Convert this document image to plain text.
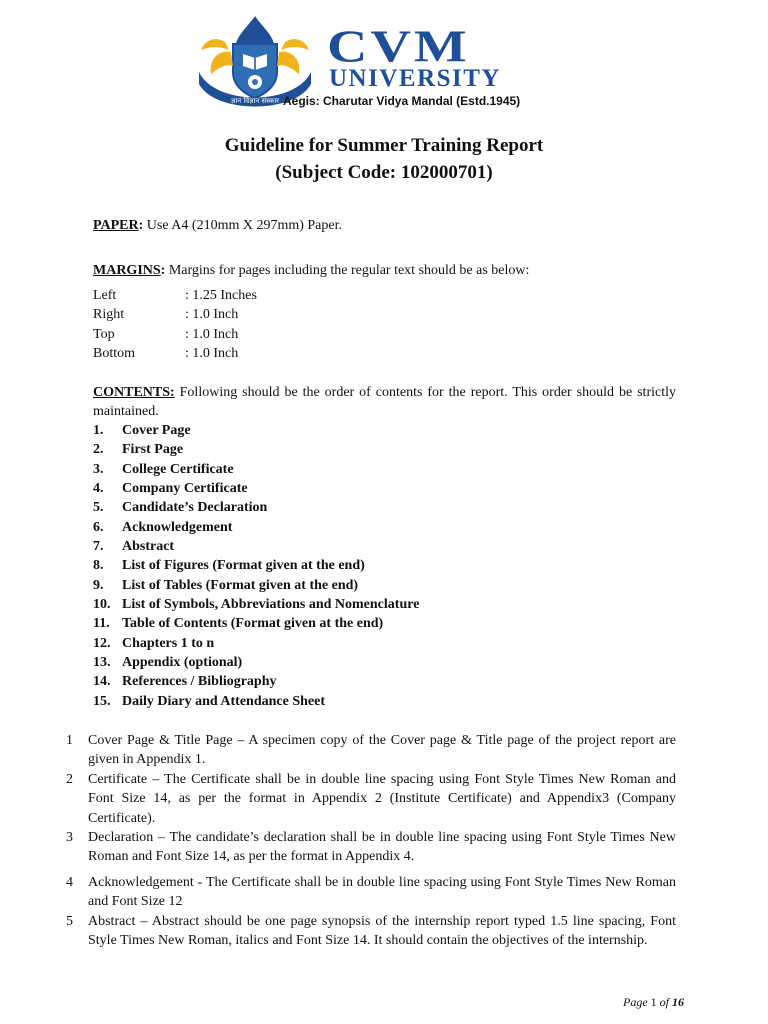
ज्ञान विज्ञान संस्कार
CVM
UNIVERSITY
Aegis: Charutar Vidya Mandal (Estd.1945)
Guideline for Summer Training Report
(Subject Code: 102000701)
PAPER: Use A4 (210mm X 297mm) Paper.
MARGINS: Margins for pages including the regular text should be as below:
Left	: 1.25 Inches
Right	: 1.0 Inch
Top	: 1.0 Inch
Bottom	: 1.0 Inch
CONTENTS: Following should be the order of contents for the report. This order should be strictly maintained.
1. Cover Page
2. First Page
3. College Certificate
4. Company Certificate
5. Candidate’s Declaration
6. Acknowledgement
7. Abstract
8. List of Figures (Format given at the end)
9. List of Tables (Format given at the end)
10. List of Symbols, Abbreviations and Nomenclature
11. Table of Contents (Format given at the end)
12. Chapters 1 to n
13. Appendix (optional)
14. References / Bibliography
15. Daily Diary and Attendance Sheet
1 Cover Page & Title Page – A specimen copy of the Cover page & Title page of the project report are given in Appendix 1.
2 Certificate – The Certificate shall be in double line spacing using Font Style Times New Roman and Font Size 14, as per the format in Appendix 2 (Institute Certificate) and Appendix3 (Company Certificate).
3 Declaration – The candidate’s declaration shall be in double line spacing using Font Style Times New Roman and Font Size 14, as per the format in Appendix 4.
4 Acknowledgement - The Certificate shall be in double line spacing using Font Style Times New Roman and Font Size 12
5 Abstract – Abstract should be one page synopsis of the internship report typed 1.5 line spacing, Font Style Times New Roman, italics and Font Size 14. It should contain the objectives of the internship.
Page 1 of 16
